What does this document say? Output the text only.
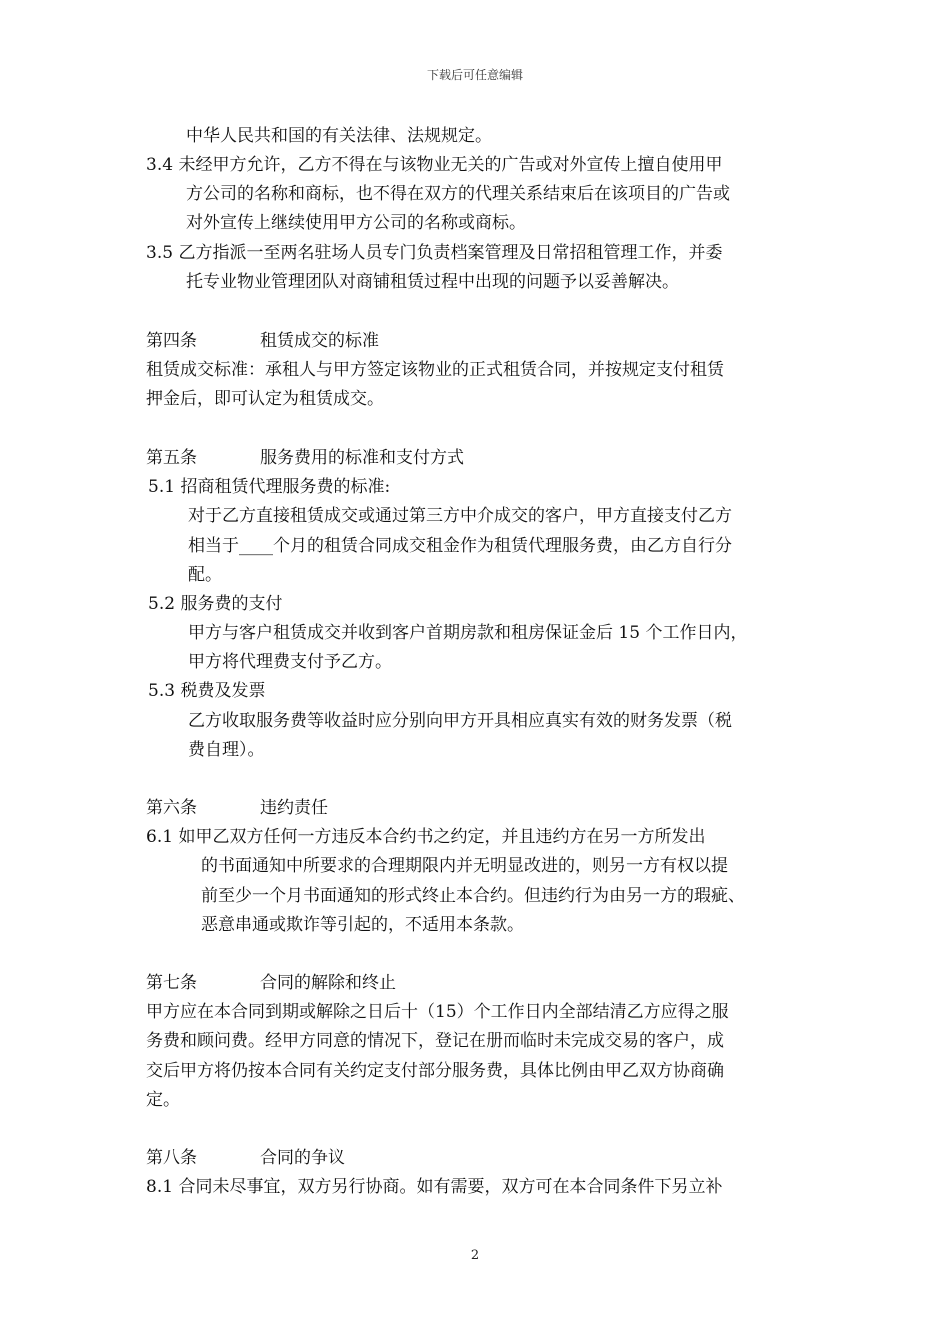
下载后可任意编辑
中华人民共和国的有关法律、法规规定。
3.4 未经甲方允许，乙方不得在与该物业无关的广告或对外宣传上擅自使用甲
方公司的名称和商标，也不得在双方的代理关系结束后在该项目的广告或
对外宣传上继续使用甲方公司的名称或商标。
3.5 乙方指派一至两名驻场人员专门负责档案管理及日常招租管理工作，并委
托专业物业管理团队对商铺租赁过程中出现的问题予以妥善解决。
第四条	租赁成交的标准
租赁成交标准：承租人与甲方签定该物业的正式租赁合同，并按规定支付租赁
押金后，即可认定为租赁成交。
第五条	服务费用的标准和支付方式
5.1 招商租赁代理服务费的标准:
对于乙方直接租赁成交或通过第三方中介成交的客户，甲方直接支付乙方
相当于____个月的租赁合同成交租金作为租赁代理服务费，由乙方自行分
配。
5.2 服务费的支付
甲方与客户租赁成交并收到客户首期房款和租房保证金后 15 个工作日内，
甲方将代理费支付予乙方。
5.3 税费及发票
乙方收取服务费等收益时应分别向甲方开具相应真实有效的财务发票（税
费自理）。
第六条	违约责任
6.1 如甲乙双方任何一方违反本合约书之约定，并且违约方在另一方所发出
的书面通知中所要求的合理期限内并无明显改进的，则另一方有权以提
前至少一个月书面通知的形式终止本合约。但违约行为由另一方的瑕疵、
恶意串通或欺诈等引起的，不适用本条款。
第七条	合同的解除和终止
甲方应在本合同到期或解除之日后十（15）个工作日内全部结清乙方应得之服
务费和顾问费。经甲方同意的情况下，登记在册而临时未完成交易的客户，成
交后甲方将仍按本合同有关约定支付部分服务费，具体比例由甲乙双方协商确
定。
第八条	合同的争议
8.1 合同未尽事宜，双方另行协商。如有需要，双方可在本合同条件下另立补
2
